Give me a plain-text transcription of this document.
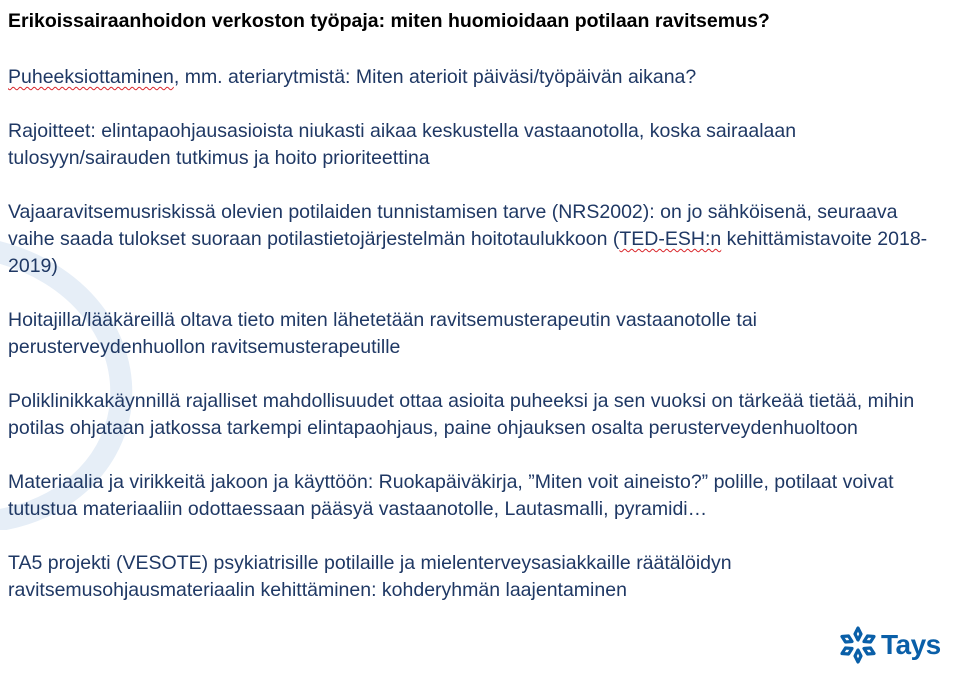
Erikoissairaanhoidon verkoston työpaja: miten huomioidaan potilaan ravitsemus?

Puheeksiottaminen, mm. ateriarytmistä: Miten aterioit päiväsi/työpäivän aikana?

Rajoitteet: elintapaohjausasioista niukasti aikaa keskustella vastaanotolla, koska sairaalaan tulosyyn/sairauden tutkimus ja hoito prioriteettina

Vajaaravitsemusriskissä olevien potilaiden tunnistamisen tarve (NRS2002): on jo sähköisenä, seuraava vaihe saada tulokset suoraan potilastietojärjestelmän hoitotaulukkoon (TED-ESH:n kehittämistavoite 2018-2019)

Hoitajilla/lääkäreillä oltava tieto miten lähetetään ravitsemusterapeutin vastaanotolle tai perusterveydenhuollon ravitsemusterapeutille

Poliklinikkakäynnillä rajalliset mahdollisuudet ottaa asioita puheeksi ja sen vuoksi on tärkeää tietää, mihin potilas ohjataan jatkossa tarkempi elintapaohjaus, paine ohjauksen osalta perusterveydenhuoltoon

Materiaalia ja virikkeitä jakoon ja käyttöön: Ruokapäiväkirja, ”Miten voit aineisto?” polille, potilaat voivat tutustua materiaaliin odottaessaan pääsyä vastaanotolle, Lautasmalli, pyramidi…

TA5 projekti (VESOTE) psykiatrisille potilaille ja mielenterveysasiakkaille räätälöidyn ravitsemusohjausmateriaalin kehittäminen: kohderyhmän laajentaminen

Tays
